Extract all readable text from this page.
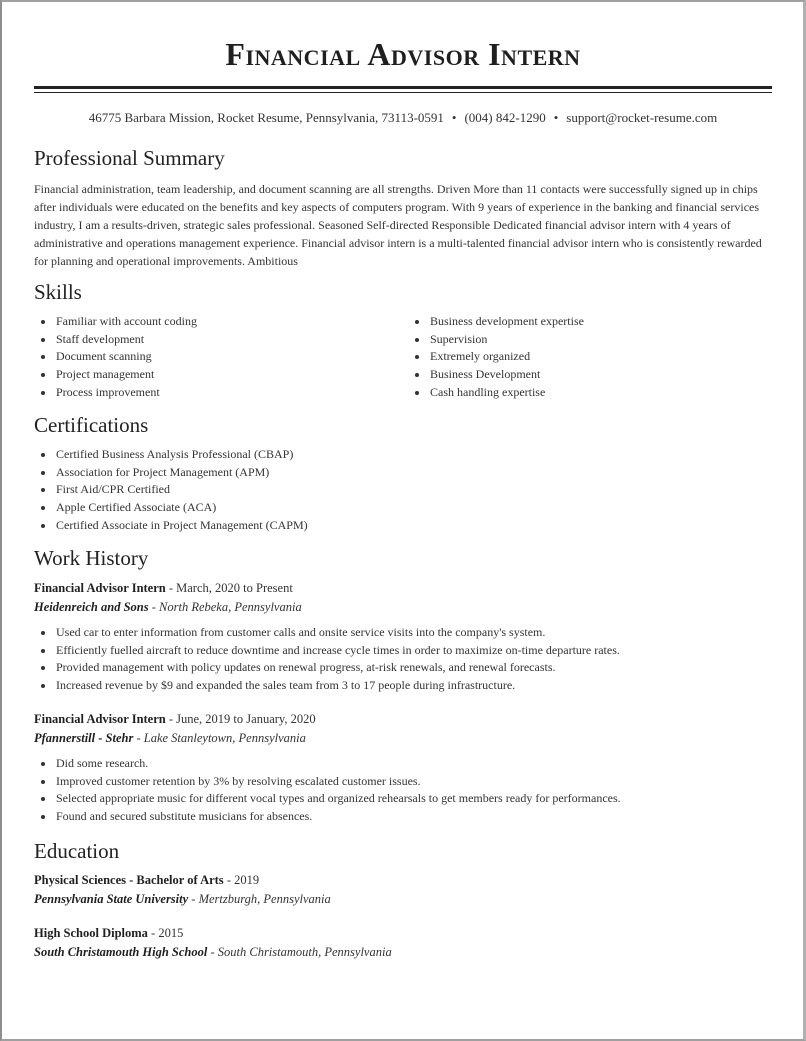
Financial Advisor Intern
46775 Barbara Mission, Rocket Resume, Pennsylvania, 73113-0591 • (004) 842-1290 • support@rocket-resume.com
Professional Summary

Financial administration, team leadership, and document scanning are all strengths. Driven More than 11 contacts were successfully signed up in chips after individuals were educated on the benefits and key aspects of computers program. With 9 years of experience in the banking and financial services industry, I am a results-driven, strategic sales professional. Seasoned Self-directed Responsible Dedicated financial advisor intern with 4 years of administrative and operations management experience. Financial advisor intern is a multi-talented financial advisor intern who is consistently rewarded for planning and operational improvements. Ambitious

Skills
Familiar with account coding
Staff development
Document scanning
Project management
Process improvement
Business development expertise
Supervision
Extremely organized
Business Development
Cash handling expertise
Certifications
Certified Business Analysis Professional (CBAP)
Association for Project Management (APM)
First Aid/CPR Certified
Apple Certified Associate (ACA)
Certified Associate in Project Management (CAPM)
Work History
Financial Advisor Intern - March, 2020 to Present
Heidenreich and Sons - North Rebeka, Pennsylvania
Used car to enter information from customer calls and onsite service visits into the company's system.
Efficiently fuelled aircraft to reduce downtime and increase cycle times in order to maximize on-time departure rates.
Provided management with policy updates on renewal progress, at-risk renewals, and renewal forecasts.
Increased revenue by $9 and expanded the sales team from 3 to 17 people during infrastructure.
Financial Advisor Intern - June, 2019 to January, 2020
Pfannerstill - Stehr - Lake Stanleytown, Pennsylvania
Did some research.
Improved customer retention by 3% by resolving escalated customer issues.
Selected appropriate music for different vocal types and organized rehearsals to get members ready for performances.
Found and secured substitute musicians for absences.
Education
Physical Sciences - Bachelor of Arts - 2019
Pennsylvania State University - Mertzburgh, Pennsylvania
High School Diploma - 2015
South Christamouth High School - South Christamouth, Pennsylvania
